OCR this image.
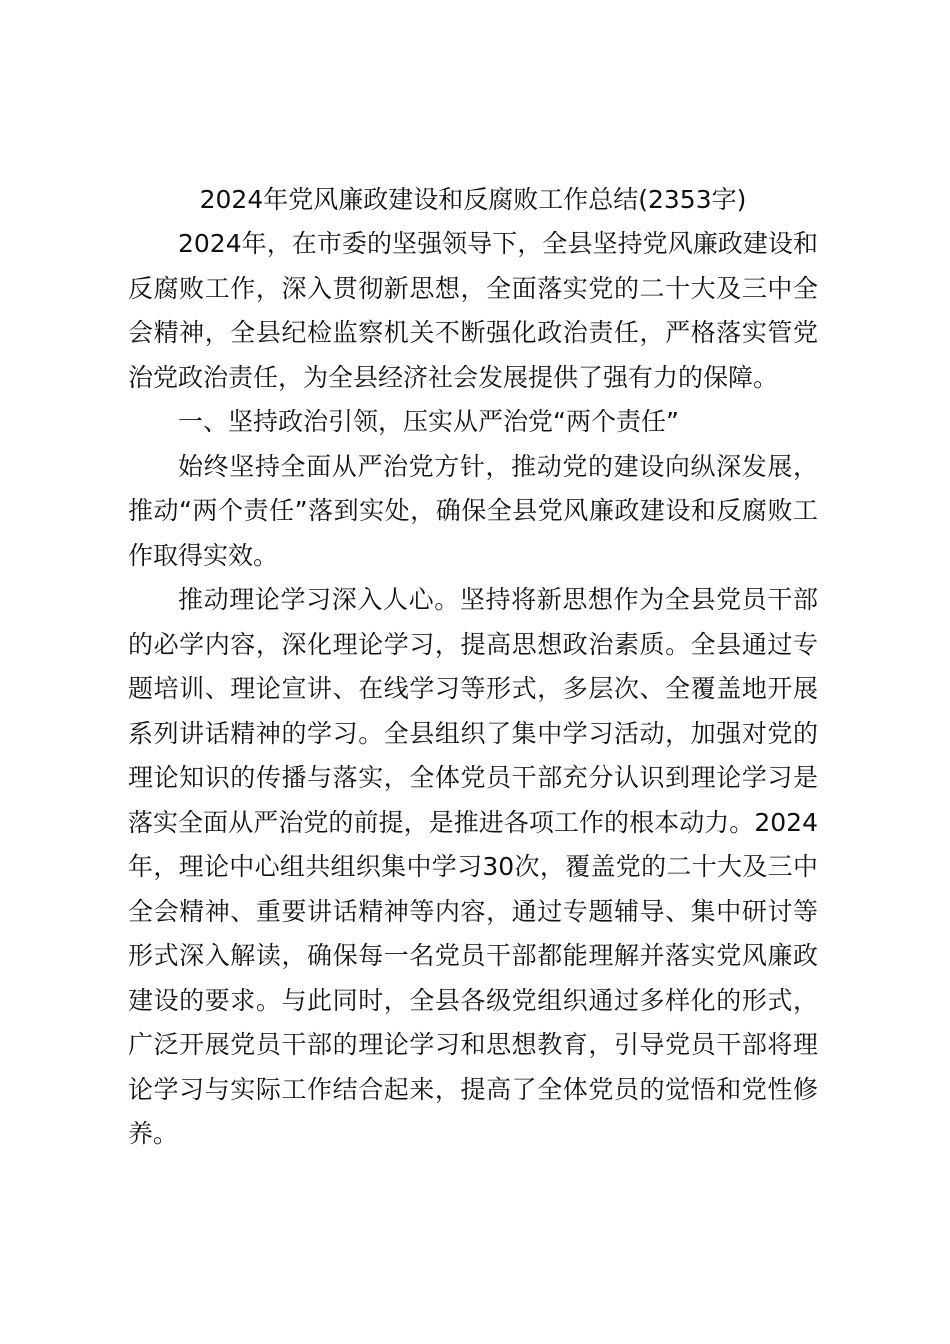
2024年党风廉政建设和反腐败工作总结(2353字)

2024年，在市委的坚强领导下，全县坚持党风廉政建设和反腐败工作，深入贯彻新思想，全面落实党的二十大及三中全会精神，全县纪检监察机关不断强化政治责任，严格落实管党治党政治责任，为全县经济社会发展提供了强有力的保障。

一、坚持政治引领，压实从严治党“两个责任”

始终坚持全面从严治党方针，推动党的建设向纵深发展，推动“两个责任”落到实处，确保全县党风廉政建设和反腐败工作取得实效。

推动理论学习深入人心。坚持将新思想作为全县党员干部的必学内容，深化理论学习，提高思想政治素质。全县通过专题培训、理论宣讲、在线学习等形式，多层次、全覆盖地开展系列讲话精神的学习。全县组织了集中学习活动，加强对党的理论知识的传播与落实，全体党员干部充分认识到理论学习是落实全面从严治党的前提，是推进各项工作的根本动力。2024年，理论中心组共组织集中学习30次，覆盖党的二十大及三中全会精神、重要讲话精神等内容，通过专题辅导、集中研讨等形式深入解读，确保每一名党员干部都能理解并落实党风廉政建设的要求。与此同时，全县各级党组织通过多样化的形式，广泛开展党员干部的理论学习和思想教育，引导党员干部将理论学习与实际工作结合起来，提高了全体党员的觉悟和党性修养。
